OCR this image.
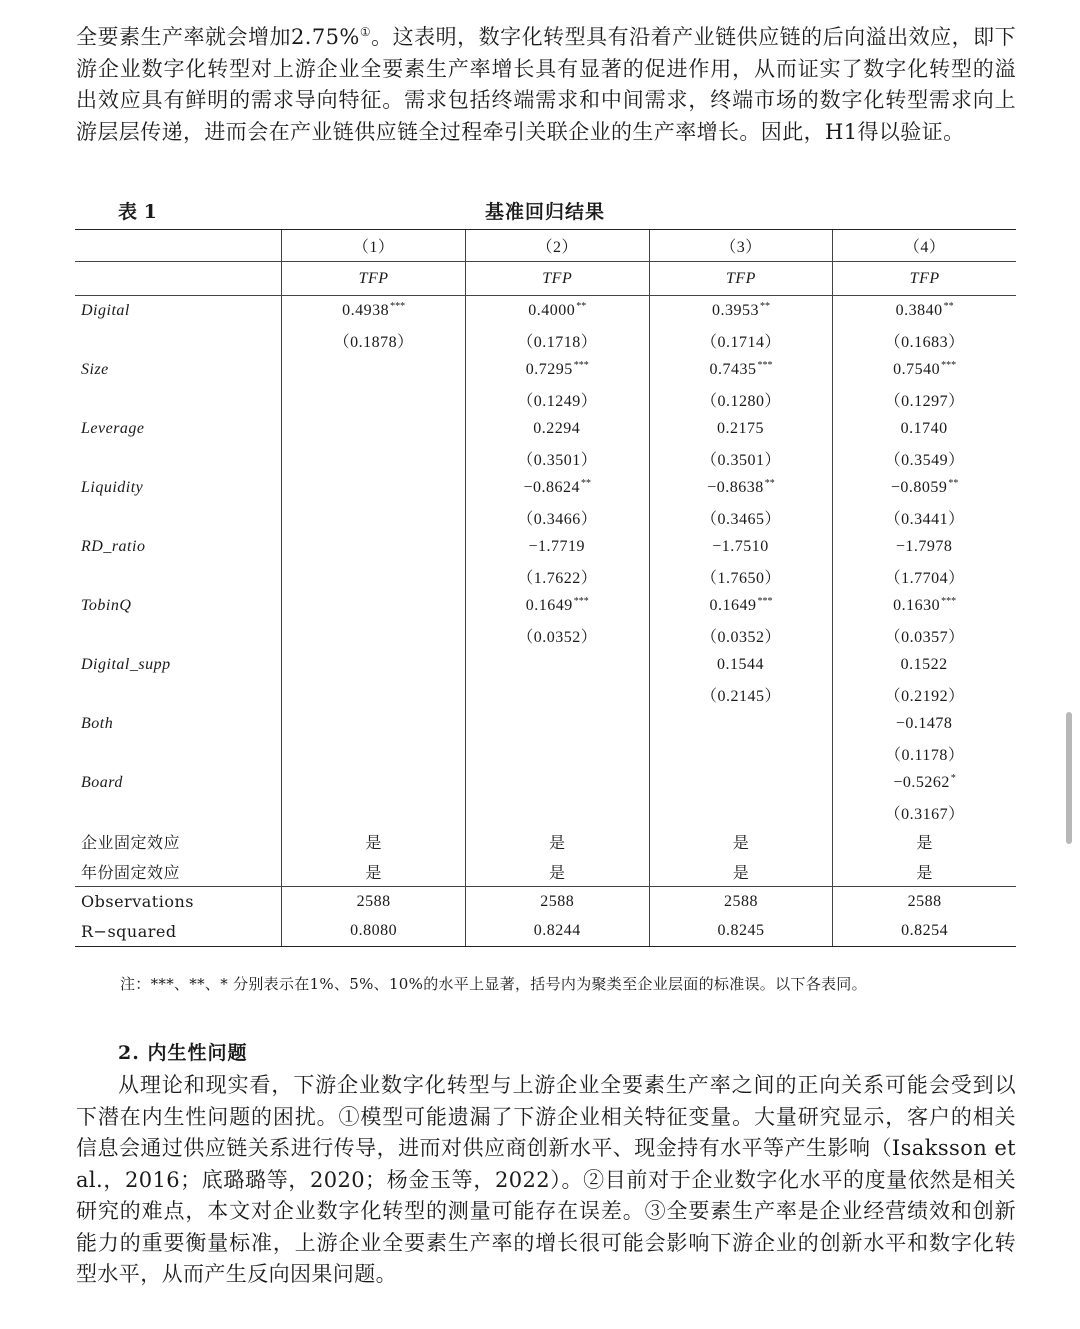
全要素生产率就会增加2.75%①。这表明，数字化转型具有沿着产业链供应链的后向溢出效应，即下游企业数字化转型对上游企业全要素生产率增长具有显著的促进作用，从而证实了数字化转型的溢出效应具有鲜明的需求导向特征。需求包括终端需求和中间需求，终端市场的数字化转型需求向上游层层传递，进而会在产业链供应链全过程牵引关联企业的生产率增长。因此，H1得以验证。

表 1	基准回归结果
	（1）	（2）	（3）	（4）
	TFP	TFP	TFP	TFP
Digital	0.4938***	0.4000**	0.3953**	0.3840**
	（0.1878）	（0.1718）	（0.1714）	（0.1683）
Size		0.7295***	0.7435***	0.7540***
		（0.1249）	（0.1280）	（0.1297）
Leverage		0.2294	0.2175	0.1740
		（0.3501）	（0.3501）	（0.3549）
Liquidity		−0.8624**	−0.8638**	−0.8059**
		（0.3466）	（0.3465）	（0.3441）
RD_ratio		−1.7719	−1.7510	−1.7978
		（1.7622）	（1.7650）	（1.7704）
TobinQ		0.1649***	0.1649***	0.1630***
		（0.0352）	（0.0352）	（0.0357）
Digital_supp			0.1544	0.1522
			（0.2145）	（0.2192）
Both				−0.1478
				（0.1178）
Board				−0.5262*
				（0.3167）
企业固定效应	是	是	是	是
年份固定效应	是	是	是	是
Observations	2588	2588	2588	2588
R−squared	0.8080	0.8244	0.8245	0.8254
注：***、**、* 分别表示在1%、5%、10%的水平上显著，括号内为聚类至企业层面的标准误。以下各表同。
2. 内生性问题

从理论和现实看，下游企业数字化转型与上游企业全要素生产率之间的正向关系可能会受到以下潜在内生性问题的困扰。①模型可能遗漏了下游企业相关特征变量。大量研究显示，客户的相关信息会通过供应链关系进行传导，进而对供应商创新水平、现金持有水平等产生影响（Isaksson et al.，2016；底璐璐等，2020；杨金玉等，2022）。②目前对于企业数字化水平的度量依然是相关研究的难点，本文对企业数字化转型的测量可能存在误差。③全要素生产率是企业经营绩效和创新能力的重要衡量标准，上游企业全要素生产率的增长很可能会影响下游企业的创新水平和数字化转型水平，从而产生反向因果问题。
